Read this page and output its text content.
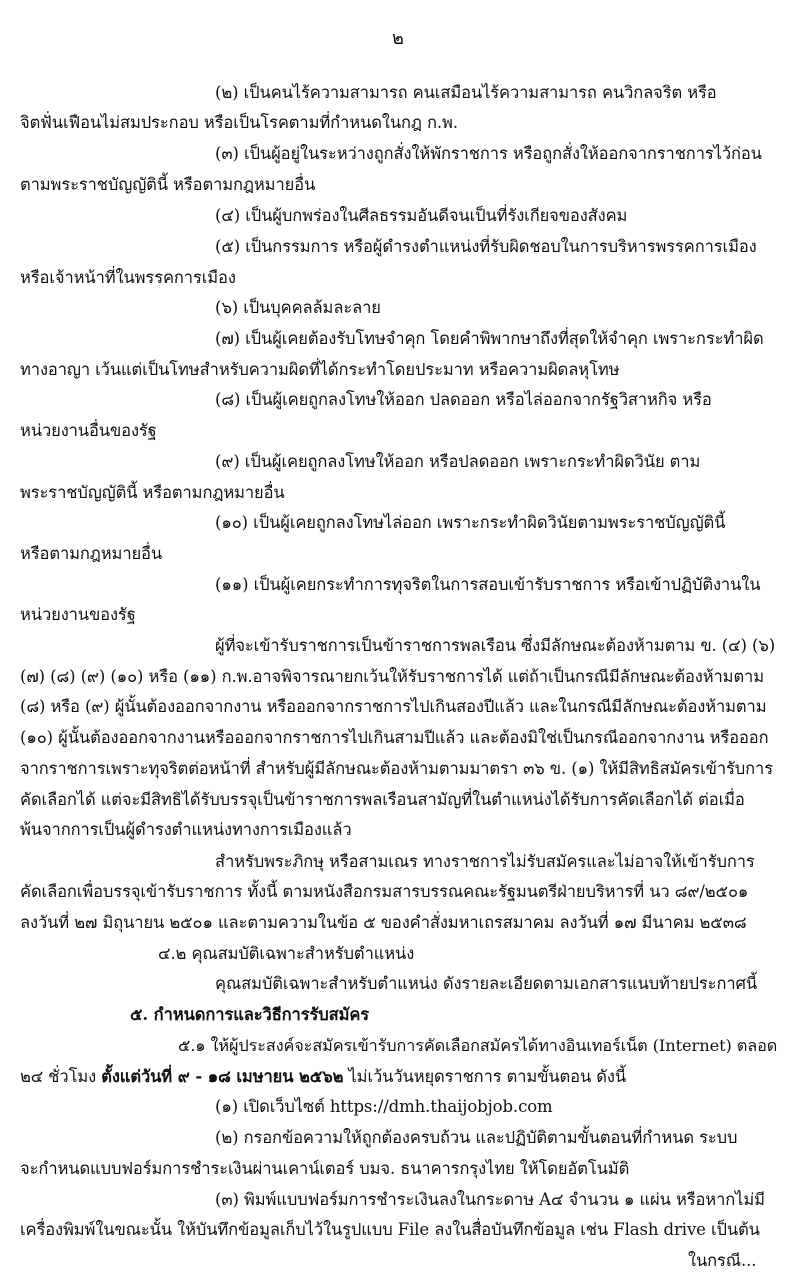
๒
(๒) เป็นคนไร้ความสามารถ คนเสมือนไร้ความสามารถ คนวิกลจริต หรือ
จิตฟั่นเฟือนไม่สมประกอบ หรือเป็นโรคตามที่กำหนดในกฎ ก.พ.
(๓) เป็นผู้อยู่ในระหว่างถูกสั่งให้พักราชการ หรือถูกสั่งให้ออกจากราชการไว้ก่อน
ตามพระราชบัญญัตินี้ หรือตามกฎหมายอื่น
(๔) เป็นผู้บกพร่องในศีลธรรมอันดีจนเป็นที่รังเกียจของสังคม
(๕) เป็นกรรมการ หรือผู้ดำรงตำแหน่งที่รับผิดชอบในการบริหารพรรคการเมือง
หรือเจ้าหน้าที่ในพรรคการเมือง
(๖) เป็นบุคคลล้มละลาย
(๗) เป็นผู้เคยต้องรับโทษจำคุก โดยคำพิพากษาถึงที่สุดให้จำคุก เพราะกระทำผิด
ทางอาญา เว้นแต่เป็นโทษสำหรับความผิดที่ได้กระทำโดยประมาท หรือความผิดลหุโทษ
(๘) เป็นผู้เคยถูกลงโทษให้ออก ปลดออก หรือไล่ออกจากรัฐวิสาหกิจ หรือ
หน่วยงานอื่นของรัฐ
(๙) เป็นผู้เคยถูกลงโทษให้ออก หรือปลดออก เพราะกระทำผิดวินัย ตาม
พระราชบัญญัตินี้ หรือตามกฎหมายอื่น
(๑๐) เป็นผู้เคยถูกลงโทษไล่ออก เพราะกระทำผิดวินัยตามพระราชบัญญัตินี้
หรือตามกฎหมายอื่น
(๑๑) เป็นผู้เคยกระทำการทุจริตในการสอบเข้ารับราชการ หรือเข้าปฏิบัติงานใน
หน่วยงานของรัฐ
ผู้ที่จะเข้ารับราชการเป็นข้าราชการพลเรือน ซึ่งมีลักษณะต้องห้ามตาม ข. (๔) (๖)
(๗) (๘) (๙) (๑๐) หรือ (๑๑) ก.พ.อาจพิจารณายกเว้นให้รับราชการได้ แต่ถ้าเป็นกรณีมีลักษณะต้องห้ามตาม
(๘) หรือ (๙) ผู้นั้นต้องออกจากงาน หรือออกจากราชการไปเกินสองปีแล้ว และในกรณีมีลักษณะต้องห้ามตาม
(๑๐) ผู้นั้นต้องออกจากงานหรือออกจากราชการไปเกินสามปีแล้ว และต้องมิใช่เป็นกรณีออกจากงาน หรือออก
จากราชการเพราะทุจริตต่อหน้าที่ สำหรับผู้มีลักษณะต้องห้ามตามมาตรา ๓๖ ข. (๑) ให้มีสิทธิสมัครเข้ารับการ
คัดเลือกได้ แต่จะมีสิทธิได้รับบรรจุเป็นข้าราชการพลเรือนสามัญที่ในตำแหน่งได้รับการคัดเลือกได้ ต่อเมื่อ
พ้นจากการเป็นผู้ดำรงตำแหน่งทางการเมืองแล้ว
สำหรับพระภิกษุ หรือสามเณร ทางราชการไม่รับสมัครและไม่อาจให้เข้ารับการ
คัดเลือกเพื่อบรรจุเข้ารับราชการ ทั้งนี้ ตามหนังสือกรมสารบรรณคณะรัฐมนตรีฝ่ายบริหารที่ นว ๘๙/๒๕๐๑
ลงวันที่ ๒๗ มิถุนายน ๒๕๐๑ และตามความในข้อ ๕ ของคำสั่งมหาเถรสมาคม ลงวันที่ ๑๗ มีนาคม ๒๕๓๘
๔.๒ คุณสมบัติเฉพาะสำหรับตำแหน่ง
คุณสมบัติเฉพาะสำหรับตำแหน่ง ดังรายละเอียดตามเอกสารแนบท้ายประกาศนี้
๕. กำหนดการและวิธีการรับสมัคร
๕.๑ ให้ผู้ประสงค์จะสมัครเข้ารับการคัดเลือกสมัครได้ทางอินเทอร์เน็ต (Internet) ตลอด
๒๔ ชั่วโมง ตั้งแต่วันที่ ๙ - ๑๘ เมษายน ๒๕๖๒ ไม่เว้นวันหยุดราชการ ตามขั้นตอน ดังนี้
(๑) เปิดเว็บไซต์ https://dmh.thaijobjob.com
(๒) กรอกข้อความให้ถูกต้องครบถ้วน และปฏิบัติตามขั้นตอนที่กำหนด ระบบ
จะกำหนดแบบฟอร์มการชำระเงินผ่านเคาน์เตอร์ บมจ. ธนาคารกรุงไทย ให้โดยอัตโนมัติ
(๓) พิมพ์แบบฟอร์มการชำระเงินลงในกระดาษ A๔ จำนวน ๑ แผ่น หรือหากไม่มี
เครื่องพิมพ์ในขณะนั้น ให้บันทึกข้อมูลเก็บไว้ในรูปแบบ File ลงในสื่อบันทึกข้อมูล เช่น Flash drive เป็นต้น
ในกรณี...
